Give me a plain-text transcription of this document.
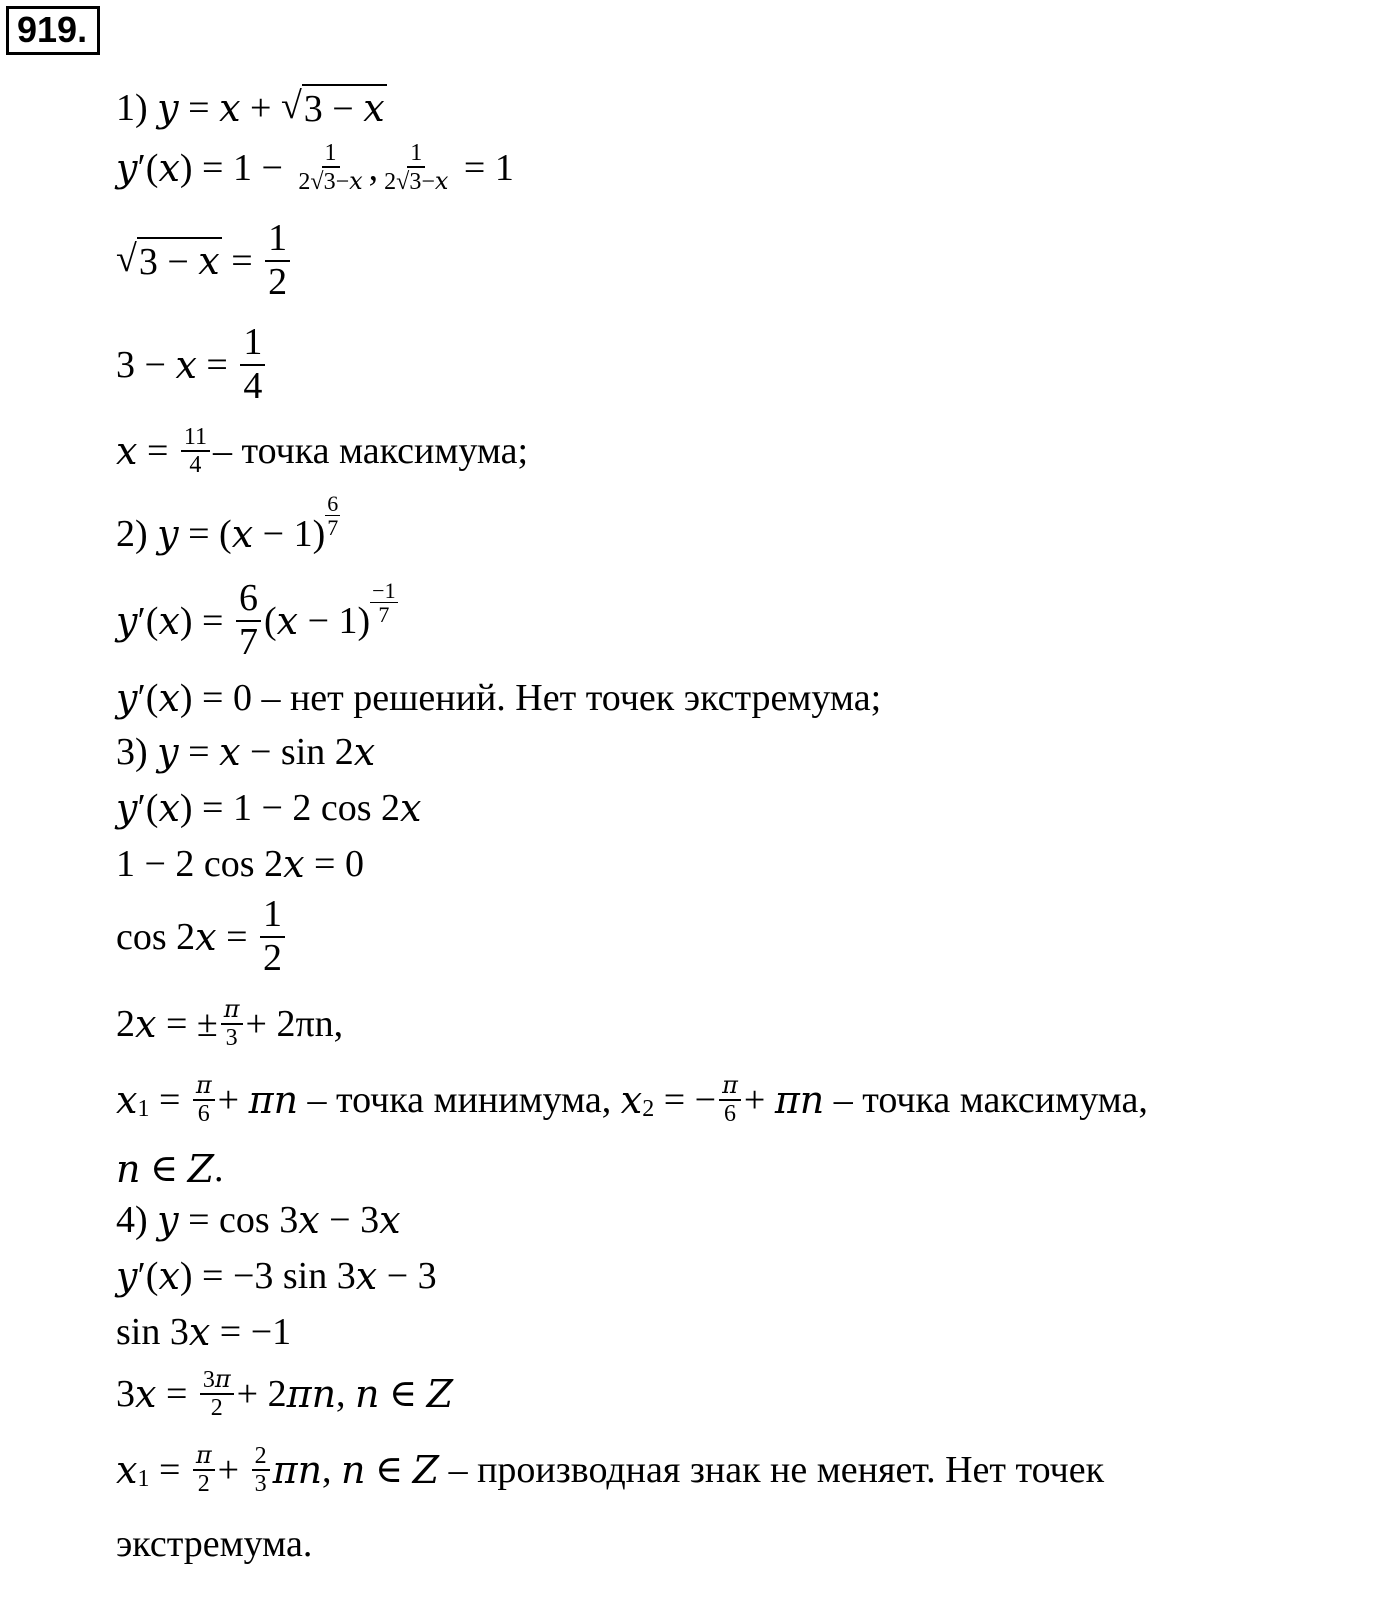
919.
1) y = x + √ 3 − x
y ′( x ) = $1 - \frac{1}{2√3-x}$ , $\frac{1}{2√3-x} = 1$
√ $3 - x = \frac{1}{2}$
$3 - x = \frac{1}{4}$
$x = \frac{11}{4}$ – точка максимума;
2) y = ( $x - 1) \frac{6}{7}$
y ′( x ) = $\frac{6}{7}$ ( $x - 1) \frac{-1}{7}$
y ′( x ) = 0 – нет решений. Нет точек экстремума;
3) y = x − sin 2 x
y ′( x ) = 1 − 2 cos 2 x
1 − 2 cos 2 x = 0
cos 2 $x = \frac{1}{2}$
2 x = ± $\frac{\pi}{3} + 2\pi n$,
x $1 = \frac{\pi}{6} + \pi n$
– точка минимума,
x 2 = − $\frac{\pi}{6} + \pi n$
– точка максимума,
n ∈ Z .
4) y = cos 3 x − 3 x
y ′( x ) = −3 sin 3 x − 3
sin 3 x = −1
3 $x = \frac{3\pi}{2} + 2$ πn , n ∈ Z
x $1 = \frac{\pi}{2} + \frac{2}{3}$ πn , n ∈ Z
– производная знак не меняет. Нет точек
экстремума.
